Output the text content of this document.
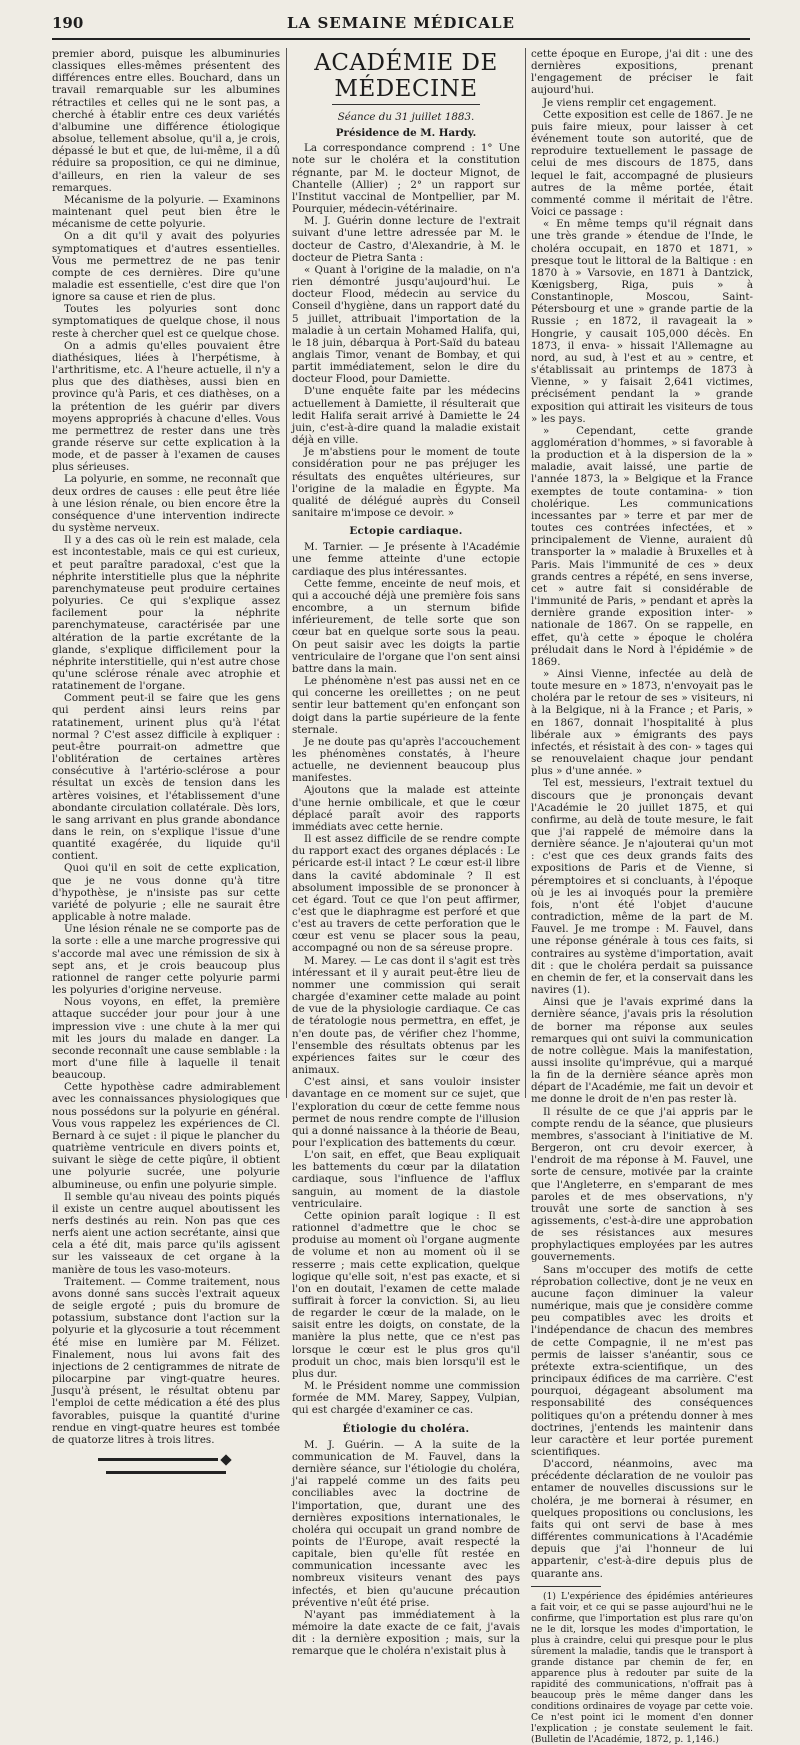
190	LA SEMAINE MÉDICALE

premier abord, puisque les albuminuries classiques elles-mêmes présentent des différences entre elles. Bouchard, dans un travail remarquable sur les albumines rétractiles et celles qui ne le sont pas, a cherché à établir entre ces deux variétés d'albumine une différence étiologique absolue, tellement absolue, qu'il a, je crois, dépassé le but et que, de lui-même, il a dû réduire sa proposition, ce qui ne diminue, d'ailleurs, en rien la valeur de ses remarques.

Mécanisme de la polyurie. — Examinons maintenant quel peut bien être le mécanisme de cette polyurie.

On a dit qu'il y avait des polyuries symptomatiques et d'autres essentielles. Vous me permettrez de ne pas tenir compte de ces dernières. Dire qu'une maladie est essentielle, c'est dire que l'on ignore sa cause et rien de plus.

Toutes les polyuries sont donc symptomatiques de quelque chose, il nous reste à chercher quel est ce quelque chose.

On a admis qu'elles pouvaient être diathésiques, liées à l'herpétisme, à l'arthritisme, etc. A l'heure actuelle, il n'y a plus que des diathèses, aussi bien en province qu'à Paris, et ces diathèses, on a la prétention de les guérir par divers moyens appropriés à chacune d'elles. Vous me permettrez de rester dans une très grande réserve sur cette explication à la mode, et de passer à l'examen de causes plus sérieuses.

La polyurie, en somme, ne reconnaît que deux ordres de causes : elle peut être liée à une lésion rénale, ou bien encore être la conséquence d'une intervention indirecte du système nerveux.

Il y a des cas où le rein est malade, cela est incontestable, mais ce qui est curieux, et peut paraître paradoxal, c'est que la néphrite interstitielle plus que la néphrite parenchymateuse peut produire certaines polyuries. Ce qui s'explique assez facilement pour la néphrite parenchymateuse, caractérisée par une altération de la partie excrétante de la glande, s'explique difficilement pour la néphrite interstitielle, qui n'est autre chose qu'une sclérose rénale avec atrophie et ratatinement de l'organe.

Comment peut-il se faire que les gens qui perdent ainsi leurs reins par ratatinement, urinent plus qu'à l'état normal ? C'est assez difficile à expliquer : peut-être pourrait-on admettre que l'oblitération de certaines artères consécutive à l'artério-sclérose a pour résultat un excès de tension dans les artères voisines, et l'établissement d'une abondante circulation collatérale. Dès lors, le sang arrivant en plus grande abondance dans le rein, on s'explique l'issue d'une quantité exagérée, du liquide qu'il contient.

Quoi qu'il en soit de cette explication, que je ne vous donne qu'à titre d'hypothèse, je n'insiste pas sur cette variété de polyurie ; elle ne saurait être applicable à notre malade.

Une lésion rénale ne se comporte pas de la sorte : elle a une marche progressive qui s'accorde mal avec une rémission de six à sept ans, et je crois beaucoup plus rationnel de ranger cette polyurie parmi les polyuries d'origine nerveuse.

Nous voyons, en effet, la première attaque succéder jour pour jour à une impression vive : une chute à la mer qui mit les jours du malade en danger. La seconde reconnaît une cause semblable : la mort d'une fille à laquelle il tenait beaucoup.

Cette hypothèse cadre admirablement avec les connaissances physiologiques que nous possédons sur la polyurie en général. Vous vous rappelez les expériences de Cl. Bernard à ce sujet : il pique le plancher du quatrième ventricule en divers points et, suivant le siège de cette piqûre, il obtient une polyurie sucrée, une polyurie albumineuse, ou enfin une polyurie simple.

Il semble qu'au niveau des points piqués il existe un centre auquel aboutissent les nerfs destinés au rein. Non pas que ces nerfs aient une action secrétante, ainsi que cela a été dit, mais parce qu'ils agissent sur les vaisseaux de cet organe à la manière de tous les vaso-moteurs.

Traitement. — Comme traitement, nous avons donné sans succès l'extrait aqueux de seigle ergoté ; puis du bromure de potassium, substance dont l'action sur la polyurie et la glycosurie a tout récemment été mise en lumière par M. Félizet. Finalement, nous lui avons fait des injections de 2 centigrammes de nitrate de pilocarpine par vingt-quatre heures. Jusqu'à présent, le résultat obtenu par l'emploi de cette médication a été des plus favorables, puisque la quantité d'urine rendue en vingt-quatre heures est tombée de quatorze litres à trois litres.

ACADÉMIE DE MÉDECINE
Séance du 31 juillet 1883.
Présidence de M. Hardy.

La correspondance comprend : 1° Une note sur le choléra et la constitution régnante, par M. le docteur Mignot, de Chantelle (Allier) ; 2° un rapport sur l'Institut vaccinal de Montpellier, par M. Pourquier, médecin-vétérinaire.

M. J. Guérin donne lecture de l'extrait suivant d'une lettre adressée par M. le docteur de Castro, d'Alexandrie, à M. le docteur de Pietra Santa :

« Quant à l'origine de la maladie, on n'a rien démontré jusqu'aujourd'hui. Le docteur Flood, médecin au service du Conseil d'hygiène, dans un rapport daté du 5 juillet, attribuait l'importation de la maladie à un certain Mohamed Halifa, qui, le 18 juin, débarqua à Port-Saïd du bateau anglais Timor, venant de Bombay, et qui partit immédiatement, selon le dire du docteur Flood, pour Damiette.

D'une enquête faite par les médecins actuellement à Damiette, il résulterait que ledit Halifa serait arrivé à Damiette le 24 juin, c'est-à-dire quand la maladie existait déjà en ville.

Je m'abstiens pour le moment de toute considération pour ne pas préjuger les résultats des enquêtes ultérieures, sur l'origine de la maladie en Égypte. Ma qualité de délégué auprès du Conseil sanitaire m'impose ce devoir. »

Ectopie cardiaque.

M. Tarnier. — Je présente à l'Académie une femme atteinte d'une ectopie cardiaque des plus intéressantes.

Cette femme, enceinte de neuf mois, et qui a accouché déjà une première fois sans encombre, a un sternum bifide inférieurement, de telle sorte que son cœur bat en quelque sorte sous la peau. On peut saisir avec les doigts la partie ventriculaire de l'organe que l'on sent ainsi battre dans la main.

Le phénomène n'est pas aussi net en ce qui concerne les oreillettes ; on ne peut sentir leur battement qu'en enfonçant son doigt dans la partie supérieure de la fente sternale.

Je ne doute pas qu'après l'accouchement les phénomènes constatés, à l'heure actuelle, ne deviennent beaucoup plus manifestes.

Ajoutons que la malade est atteinte d'une hernie ombilicale, et que le cœur déplacé paraît avoir des rapports immédiats avec cette hernie.

Il est assez difficile de se rendre compte du rapport exact des organes déplacés : Le péricarde est-il intact ? Le cœur est-il libre dans la cavité abdominale ? Il est absolument impossible de se prononcer à cet égard. Tout ce que l'on peut affirmer, c'est que le diaphragme est perforé et que c'est au travers de cette perforation que le cœur est venu se placer sous la peau, accompagné ou non de sa séreuse propre.

M. Marey. — Le cas dont il s'agit est très intéressant et il y aurait peut-être lieu de nommer une commission qui serait chargée d'examiner cette malade au point de vue de la physiologie cardiaque. Ce cas de tératologie nous permettra, en effet, je n'en doute pas, de vérifier chez l'homme, l'ensemble des résultats obtenus par les expériences faites sur le cœur des animaux.

C'est ainsi, et sans vouloir insister davantage en ce moment sur ce sujet, que l'exploration du cœur de cette femme nous permet de nous rendre compte de l'illusion qui a donné naissance à la théorie de Beau, pour l'explication des battements du cœur.

L'on sait, en effet, que Beau expliquait les battements du cœur par la dilatation cardiaque, sous l'influence de l'afflux sanguin, au moment de la diastole ventriculaire.

Cette opinion paraît logique : Il est rationnel d'admettre que le choc se produise au moment où l'organe augmente de volume et non au moment où il se resserre ; mais cette explication, quelque logique qu'elle soit, n'est pas exacte, et si l'on en doutait, l'examen de cette malade suffirait à forcer la conviction. Si, au lieu de regarder le cœur de la malade, on le saisit entre les doigts, on constate, de la manière la plus nette, que ce n'est pas lorsque le cœur est le plus gros qu'il produit un choc, mais bien lorsqu'il est le plus dur.

M. le Président nomme une commission formée de MM. Marey, Sappey, Vulpian, qui est chargée d'examiner ce cas.

Étiologie du choléra.

M. J. Guérin. — A la suite de la communication de M. Fauvel, dans la dernière séance, sur l'étiologie du choléra, j'ai rappelé comme un des faits peu conciliables avec la doctrine de l'importation, que, durant une des dernières expositions internationales, le choléra qui occupait un grand nombre de points de l'Europe, avait respecté la capitale, bien qu'elle fût restée en communication incessante avec les nombreux visiteurs venant des pays infectés, et bien qu'aucune précaution préventive n'eût été prise.

N'ayant pas immédiatement à la mémoire la date exacte de ce fait, j'avais dit : la dernière exposition ; mais, sur la remarque que le choléra n'existait plus à

cette époque en Europe, j'ai dit : une des dernières expositions, prenant l'engagement de préciser le fait aujourd'hui.

Je viens remplir cet engagement.

Cette exposition est celle de 1867. Je ne puis faire mieux, pour laisser à cet événement toute son autorité, que de reproduire textuellement le passage de celui de mes discours de 1875, dans lequel le fait, accompagné de plusieurs autres de la même portée, était commenté comme il méritait de l'être. Voici ce passage :

« En même temps qu'il régnait dans une très grande » étendue de l'Inde, le choléra occupait, en 1870 et 1871, » presque tout le littoral de la Baltique : en 1870 à » Varsovie, en 1871 à Dantzick, Kœnigsberg, Riga, puis » à Constantinople, Moscou, Saint-Pétersbourg et une » grande partie de la Russie ; en 1872, il ravageait la » Hongrie, y causait 105,000 décès. En 1873, il enva- » hissait l'Allemagne au nord, au sud, à l'est et au » centre, et s'établissait au printemps de 1873 à Vienne, » y faisait 2,641 victimes, précisément pendant la » grande exposition qui attirait les visiteurs de tous » les pays.

» Cependant, cette grande agglomération d'hommes, » si favorable à la production et à la dispersion de la » maladie, avait laissé, une partie de l'année 1873, la » Belgique et la France exemptes de toute contamina- » tion cholérique. Les communications incessantes par » terre et par mer de toutes ces contrées infectées, et » principalement de Vienne, auraient dû transporter la » maladie à Bruxelles et à Paris. Mais l'immunité de ces » deux grands centres a répété, en sens inverse, cet » autre fait si considérable de l'immunité de Paris, » pendant et après la dernière grande exposition inter- » nationale de 1867. On se rappelle, en effet, qu'à cette » époque le choléra préludait dans le Nord à l'épidémie » de 1869.

» Ainsi Vienne, infectée au delà de toute mesure en » 1873, n'envoyait pas le choléra par le retour de ses » visiteurs, ni à la Belgique, ni à la France ; et Paris, » en 1867, donnait l'hospitalité à plus libérale aux » émigrants des pays infectés, et résistait à des con- » tages qui se renouvelaient chaque jour pendant plus » d'une année. »

Tel est, messieurs, l'extrait textuel du discours que je prononçais devant l'Académie le 20 juillet 1875, et qui confirme, au delà de toute mesure, le fait que j'ai rappelé de mémoire dans la dernière séance. Je n'ajouterai qu'un mot : c'est que ces deux grands faits des expositions de Paris et de Vienne, si péremptoires et si concluants, à l'époque où je les ai invoqués pour la première fois, n'ont été l'objet d'aucune contradiction, même de la part de M. Fauvel. Je me trompe : M. Fauvel, dans une réponse générale à tous ces faits, si contraires au système d'importation, avait dit : que le choléra perdait sa puissance en chemin de fer, et la conservait dans les navires (1).

Ainsi que je l'avais exprimé dans la dernière séance, j'avais pris la résolution de borner ma réponse aux seules remarques qui ont suivi la communication de notre collègue. Mais la manifestation, aussi insolite qu'imprévue, qui a marqué la fin de la dernière séance après mon départ de l'Académie, me fait un devoir et me donne le droit de n'en pas rester là.

Il résulte de ce que j'ai appris par le compte rendu de la séance, que plusieurs membres, s'associant à l'initiative de M. Bergeron, ont cru devoir exercer, à l'endroit de ma réponse à M. Fauvel, une sorte de censure, motivée par la crainte que l'Angleterre, en s'emparant de mes paroles et de mes observations, n'y trouvât une sorte de sanction à ses agissements, c'est-à-dire une approbation de ses résistances aux mesures prophylactiques employées par les autres gouvernements.

Sans m'occuper des motifs de cette réprobation collective, dont je ne veux en aucune façon diminuer la valeur numérique, mais que je considère comme peu compatibles avec les droits et l'indépendance de chacun des membres de cette Compagnie, il ne m'est pas permis de laisser s'anéantir, sous ce prétexte extra-scientifique, un des principaux édifices de ma carrière. C'est pourquoi, dégageant absolument ma responsabilité des conséquences politiques qu'on a prétendu donner à mes doctrines, j'entends les maintenir dans leur caractère et leur portée purement scientifiques.

D'accord, néanmoins, avec ma précédente déclaration de ne vouloir pas entamer de nouvelles discussions sur le choléra, je me bornerai à résumer, en quelques propositions ou conclusions, les faits qui ont servi de base à mes différentes communications à l'Académie depuis que j'ai l'honneur de lui appartenir, c'est-à-dire depuis plus de quarante ans.

(1) L'expérience des épidémies antérieures a fait voir, et ce qui se passe aujourd'hui ne le confirme, que l'importation est plus rare qu'on ne le dit, lorsque les modes d'importation, le plus à craindre, celui qui presque pour le plus sûrement la maladie, tandis que le transport à grande distance par chemin de fer, en apparence plus à redouter par suite de la rapidité des communications, n'offrait pas à beaucoup près le même danger dans les conditions ordinaires de voyage par cette voie. Ce n'est point ici le moment d'en donner l'explication ; je constate seulement le fait. (Bulletin de l'Académie, 1872, p. 1,146.)
